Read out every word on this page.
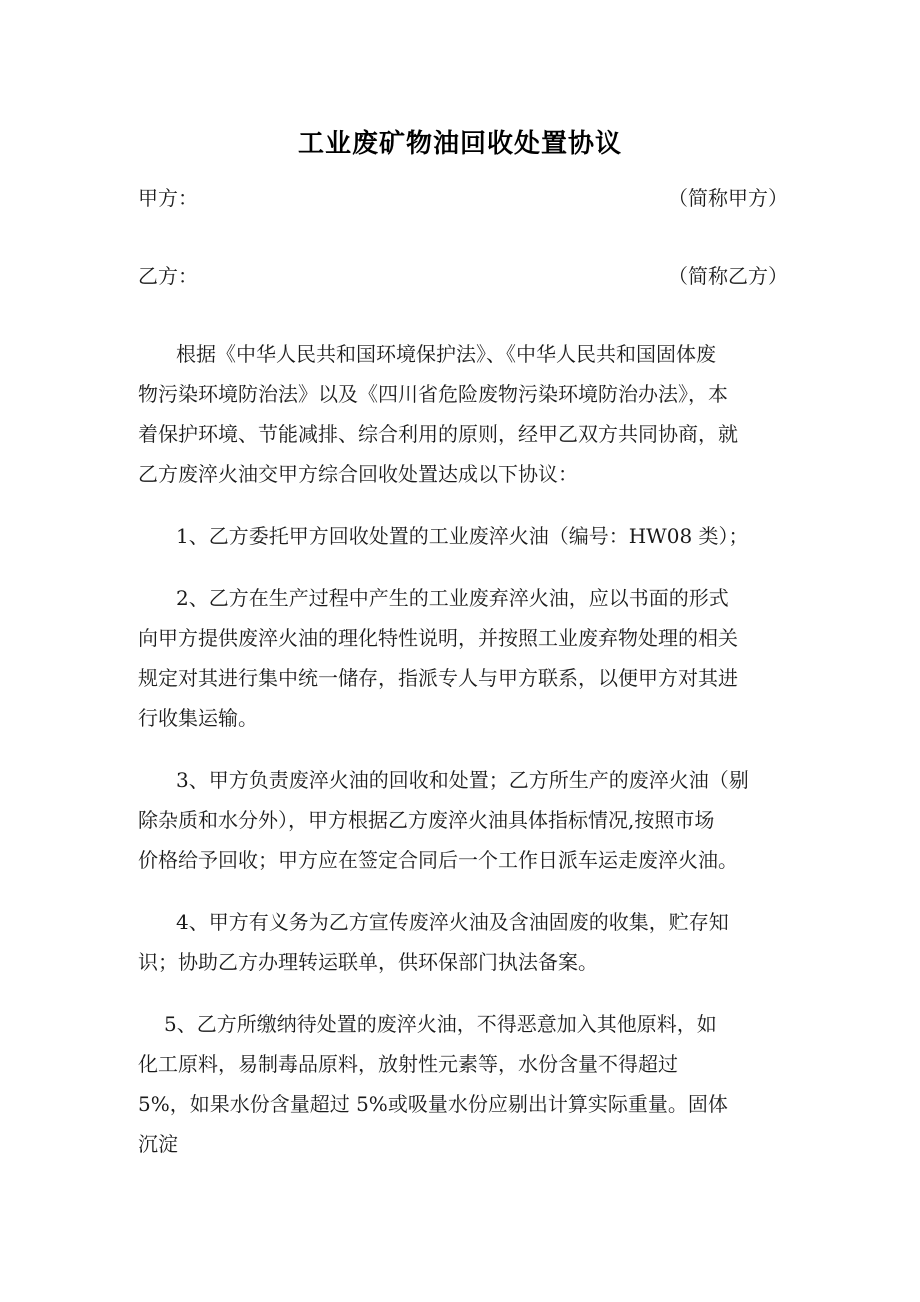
工业废矿物油回收处置协议
甲方：	（简称甲方）
乙方：	（简称乙方）
根据《中华人民共和国环境保护法》、《中华人民共和国固体废
物污染环境防治法》以及《四川省危险废物污染环境防治办法》，本
着保护环境、节能减排、综合利用的原则，经甲乙双方共同协商，就
乙方废淬火油交甲方综合回收处置达成以下协议：
1、乙方委托甲方回收处置的工业废淬火油（编号：HW08 类）；
2、乙方在生产过程中产生的工业废弃淬火油，应以书面的形式
向甲方提供废淬火油的理化特性说明，并按照工业废弃物处理的相关
规定对其进行集中统一储存，指派专人与甲方联系，以便甲方对其进
行收集运输。
3、甲方负责废淬火油的回收和处置；乙方所生产的废淬火油（剔
除杂质和水分外），甲方根据乙方废淬火油具体指标情况,按照市场
价格给予回收；甲方应在签定合同后一个工作日派车运走废淬火油。
4、甲方有义务为乙方宣传废淬火油及含油固废的收集，贮存知
识；协助乙方办理转运联单，供环保部门执法备案。
5、乙方所缴纳待处置的废淬火油，不得恶意加入其他原料，如
化工原料，易制毒品原料，放射性元素等，水份含量不得超过
5%，如果水份含量超过 5%或吸量水份应剔出计算实际重量。固体
沉淀
